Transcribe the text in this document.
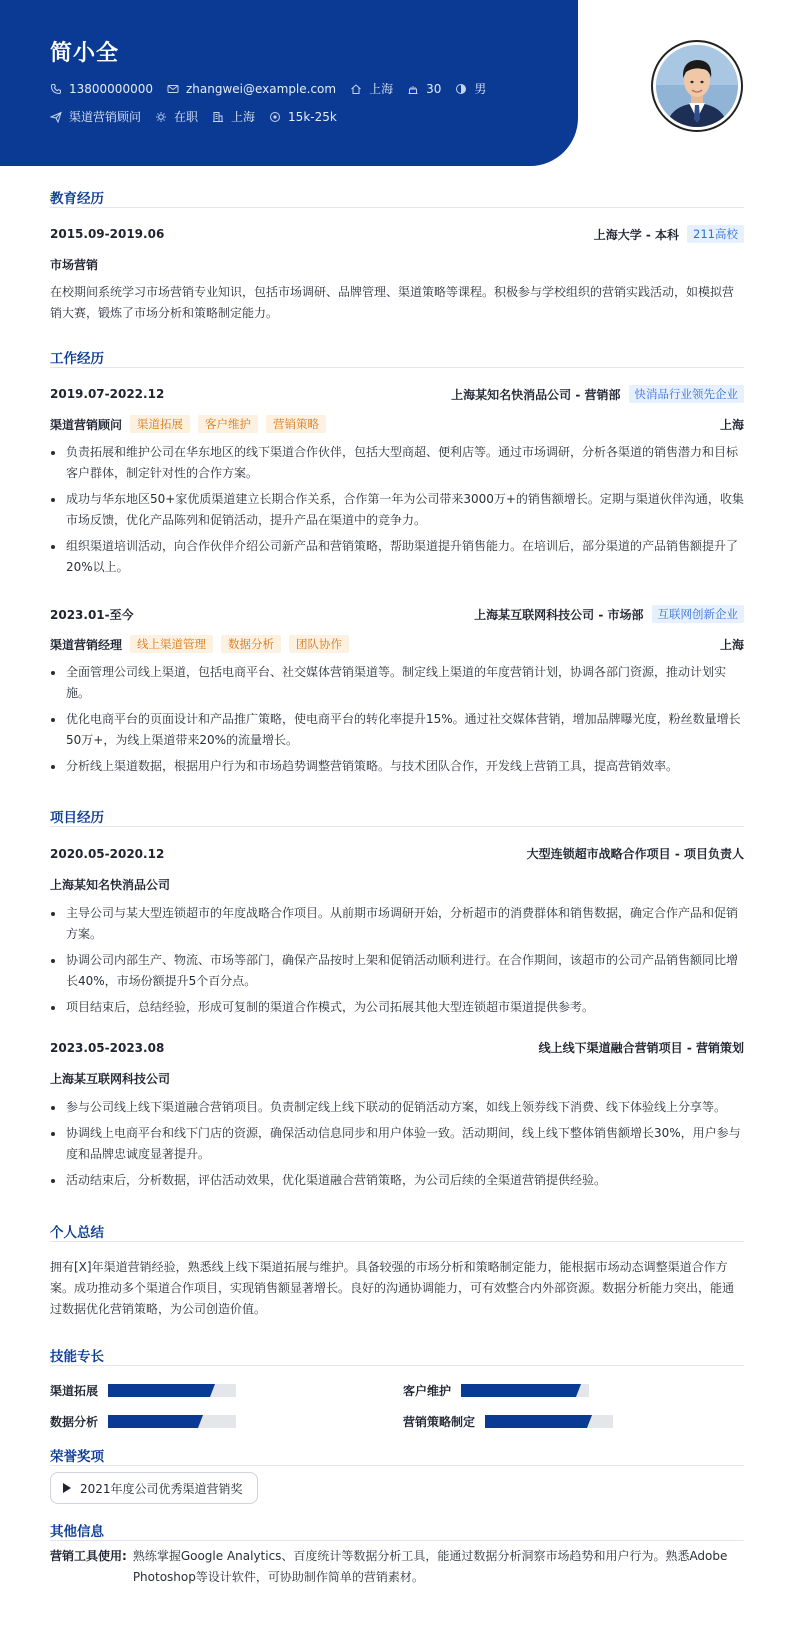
简小全
13800000000	zhangwei@example.com	上海	30	男
渠道营销顾问	在职	上海	15k-25k
教育经历
2015.09-2019.06	上海大学 - 本科	211高校
市场营销
在校期间系统学习市场营销专业知识，包括市场调研、品牌管理、渠道策略等课程。积极参与学校组织的营销实践活动，如模拟营销大赛，锻炼了市场分析和策略制定能力。
工作经历
2019.07-2022.12	上海某知名快消品公司 - 营销部	快消品行业领先企业
渠道营销顾问	渠道拓展	客户维护	营销策略	上海
负责拓展和维护公司在华东地区的线下渠道合作伙伴，包括大型商超、便利店等。通过市场调研，分析各渠道的销售潜力和目标客户群体，制定针对性的合作方案。
成功与华东地区50+家优质渠道建立长期合作关系，合作第一年为公司带来3000万+的销售额增长。定期与渠道伙伴沟通，收集市场反馈，优化产品陈列和促销活动，提升产品在渠道中的竞争力。
组织渠道培训活动，向合作伙伴介绍公司新产品和营销策略，帮助渠道提升销售能力。在培训后，部分渠道的产品销售额提升了20%以上。
2023.01-至今	上海某互联网科技公司 - 市场部	互联网创新企业
渠道营销经理	线上渠道管理	数据分析	团队协作	上海
全面管理公司线上渠道，包括电商平台、社交媒体营销渠道等。制定线上渠道的年度营销计划，协调各部门资源，推动计划实施。
优化电商平台的页面设计和产品推广策略，使电商平台的转化率提升15%。通过社交媒体营销，增加品牌曝光度，粉丝数量增长50万+，为线上渠道带来20%的流量增长。
分析线上渠道数据，根据用户行为和市场趋势调整营销策略。与技术团队合作，开发线上营销工具，提高营销效率。
项目经历
2020.05-2020.12	大型连锁超市战略合作项目 - 项目负责人
上海某知名快消品公司
主导公司与某大型连锁超市的年度战略合作项目。从前期市场调研开始，分析超市的消费群体和销售数据，确定合作产品和促销方案。
协调公司内部生产、物流、市场等部门，确保产品按时上架和促销活动顺利进行。在合作期间，该超市的公司产品销售额同比增长40%，市场份额提升5个百分点。
项目结束后，总结经验，形成可复制的渠道合作模式，为公司拓展其他大型连锁超市渠道提供参考。
2023.05-2023.08	线上线下渠道融合营销项目 - 营销策划
上海某互联网科技公司
参与公司线上线下渠道融合营销项目。负责制定线上线下联动的促销活动方案，如线上领券线下消费、线下体验线上分享等。
协调线上电商平台和线下门店的资源，确保活动信息同步和用户体验一致。活动期间，线上线下整体销售额增长30%，用户参与度和品牌忠诚度显著提升。
活动结束后，分析数据，评估活动效果，优化渠道融合营销策略，为公司后续的全渠道营销提供经验。
个人总结
拥有[X]年渠道营销经验，熟悉线上线下渠道拓展与维护。具备较强的市场分析和策略制定能力，能根据市场动态调整渠道合作方案。成功推动多个渠道合作项目，实现销售额显著增长。良好的沟通协调能力，可有效整合内外部资源。数据分析能力突出，能通过数据优化营销策略，为公司创造价值。
技能专长
渠道拓展	客户维护
数据分析	营销策略制定
荣誉奖项
2021年度公司优秀渠道营销奖
其他信息
营销工具使用: 熟练掌握Google Analytics、百度统计等数据分析工具，能通过数据分析洞察市场趋势和用户行为。熟悉Adobe Photoshop等设计软件，可协助制作简单的营销素材。
